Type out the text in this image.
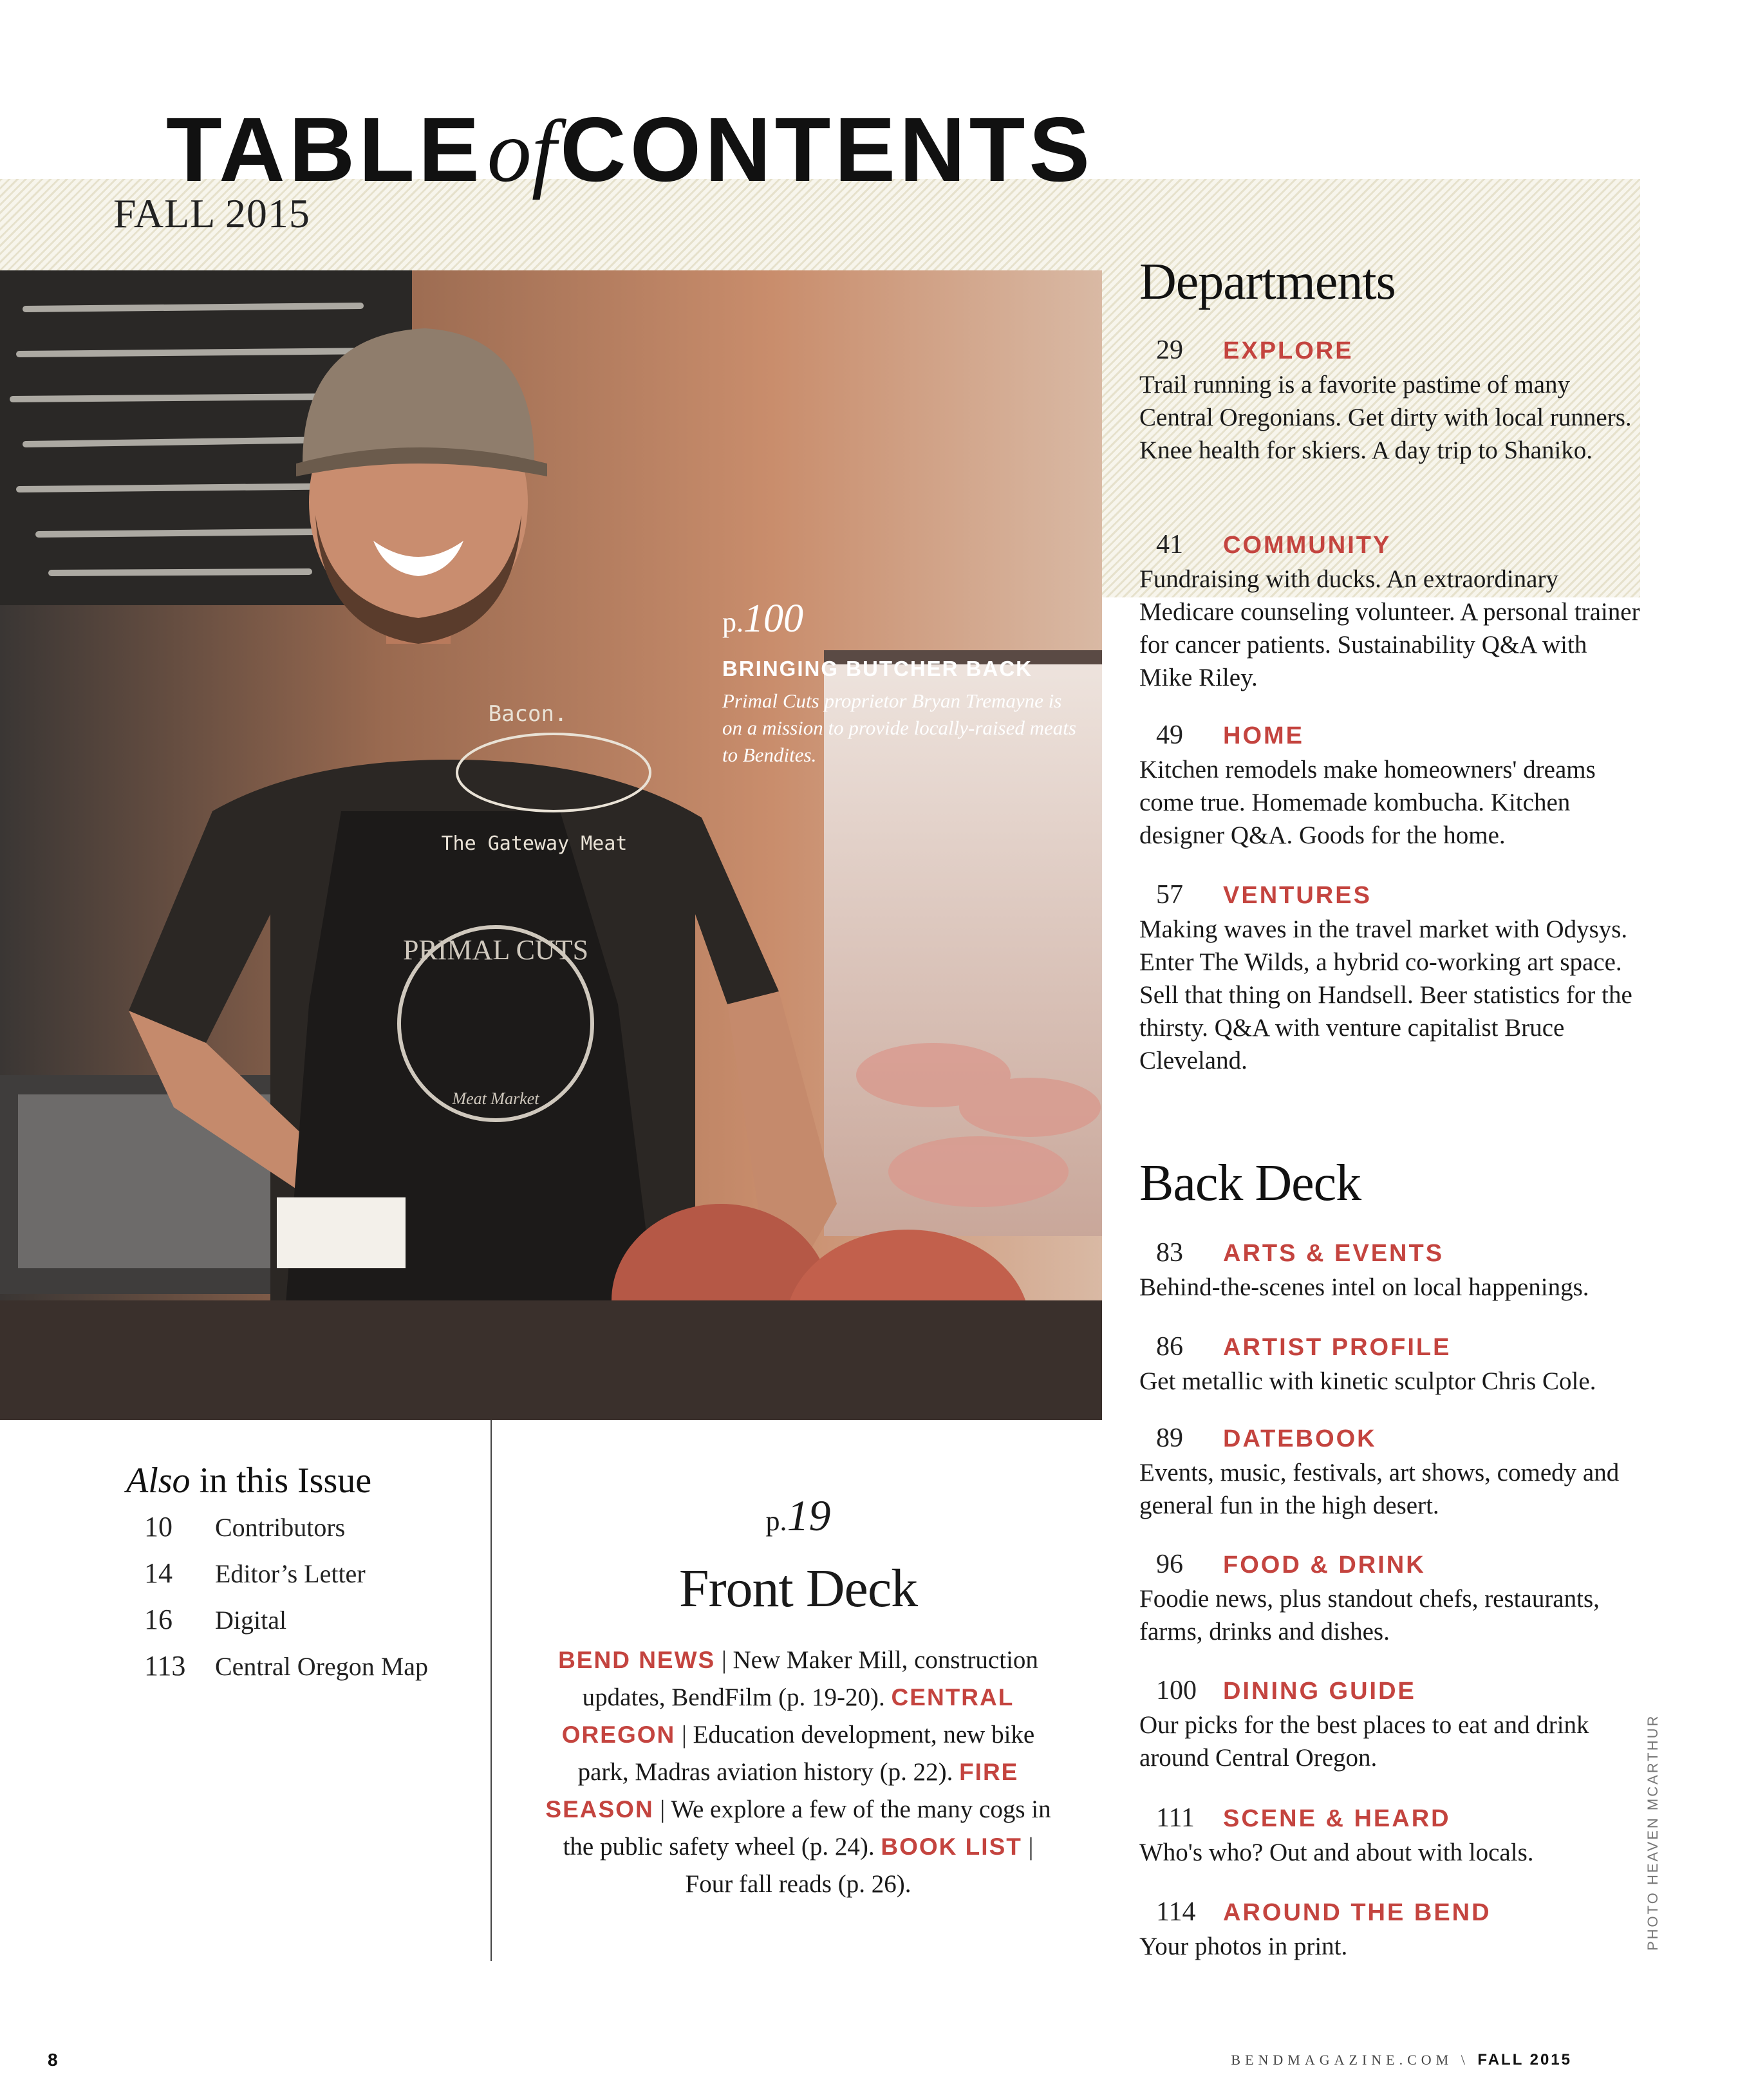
TABLEofCONTENTS
FALL 2015
PRIMAL CUTS
Meat Market
Bacon.
The Gateway Meat
p.100
BRINGING BUTCHER BACK
Primal Cuts proprietor Bryan Tremayne is on a mission to provide locally-raised meats to Bendites.
Departments
29	EXPLORE
Trail running is a favorite pastime of many Central Oregonians. Get dirty with local runners. Knee health for skiers. A day trip to Shaniko.
41	COMMUNITY
Fundraising with ducks. An extraordinary Medicare counseling volunteer. A personal trainer for cancer patients. Sustainability Q&A with Mike Riley.
49	HOME
Kitchen remodels make homeowners' dreams come true. Homemade kombucha. Kitchen designer Q&A. Goods for the home.
57	VENTURES
Making waves in the travel market with Odysys. Enter The Wilds, a hybrid co-working art space. Sell that thing on Handsell. Beer statistics for the thirsty. Q&A with venture capitalist Bruce Cleveland.
Back Deck
83	ARTS & EVENTS
Behind-the-scenes intel on local happenings.
86	ARTIST PROFILE
Get metallic with kinetic sculptor Chris Cole.
89	DATEBOOK
Events, music, festivals, art shows, comedy and general fun in the high desert.
96	FOOD & DRINK
Foodie news, plus standout chefs, restaurants, farms, drinks and dishes.
100	DINING GUIDE
Our picks for the best places to eat and drink around Central Oregon.
111	SCENE & HEARD
Who's who? Out and about with locals.
114	AROUND THE BEND
Your photos in print.
Also in this Issue
10	Contributors
14	Editor’s Letter
16	Digital
113	Central Oregon Map
p.19
Front Deck
BEND NEWS | New Maker Mill, construction updates, BendFilm (p. 19-20). CENTRAL OREGON | Education development, new bike park, Madras aviation history (p. 22). FIRE SEASON | We explore a few of the many cogs in the public safety wheel (p. 24). BOOK LIST | Four fall reads (p. 26).	PHOTO HEAVEN MCARTHUR
8	BENDMAGAZINE.COM \ FALL 2015
